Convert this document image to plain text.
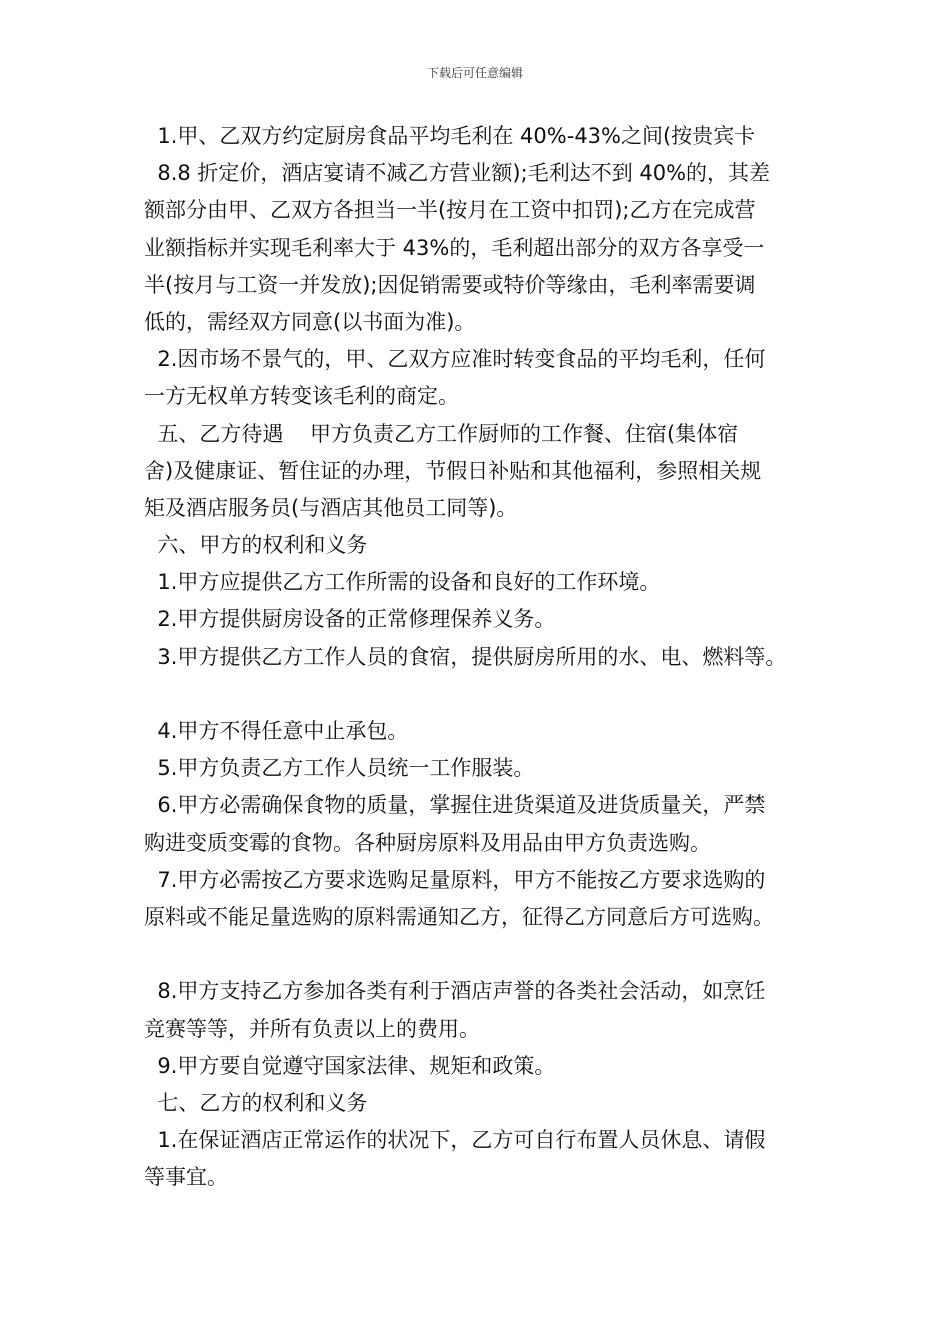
下载后可任意编辑
1.甲、乙双方约定厨房食品平均毛利在 40%-43%之间(按贵宾卡
8.8 折定价，酒店宴请不减乙方营业额);毛利达不到 40%的，其差
额部分由甲、乙双方各担当一半(按月在工资中扣罚);乙方在完成营
业额指标并实现毛利率大于 43%的，毛利超出部分的双方各享受一
半(按月与工资一并发放);因促销需要或特价等缘由，毛利率需要调
低的，需经双方同意(以书面为准)。
2.因市场不景气的，甲、乙双方应准时转变食品的平均毛利，任何
一方无权单方转变该毛利的商定。
五、乙方待遇    甲方负责乙方工作厨师的工作餐、住宿(集体宿
舍)及健康证、暂住证的办理，节假日补贴和其他福利，参照相关规
矩及酒店服务员(与酒店其他员工同等)。
六、甲方的权利和义务
1.甲方应提供乙方工作所需的设备和良好的工作环境。
2.甲方提供厨房设备的正常修理保养义务。
3.甲方提供乙方工作人员的食宿，提供厨房所用的水、电、燃料等。
4.甲方不得任意中止承包。
5.甲方负责乙方工作人员统一工作服装。
6.甲方必需确保食物的质量，掌握住进货渠道及进货质量关，严禁
购进变质变霉的食物。各种厨房原料及用品由甲方负责选购。
7.甲方必需按乙方要求选购足量原料，甲方不能按乙方要求选购的
原料或不能足量选购的原料需通知乙方，征得乙方同意后方可选购。
8.甲方支持乙方参加各类有利于酒店声誉的各类社会活动，如烹饪
竞赛等等，并所有负责以上的费用。
9.甲方要自觉遵守国家法律、规矩和政策。
七、乙方的权利和义务
1.在保证酒店正常运作的状况下，乙方可自行布置人员休息、请假
等事宜。
